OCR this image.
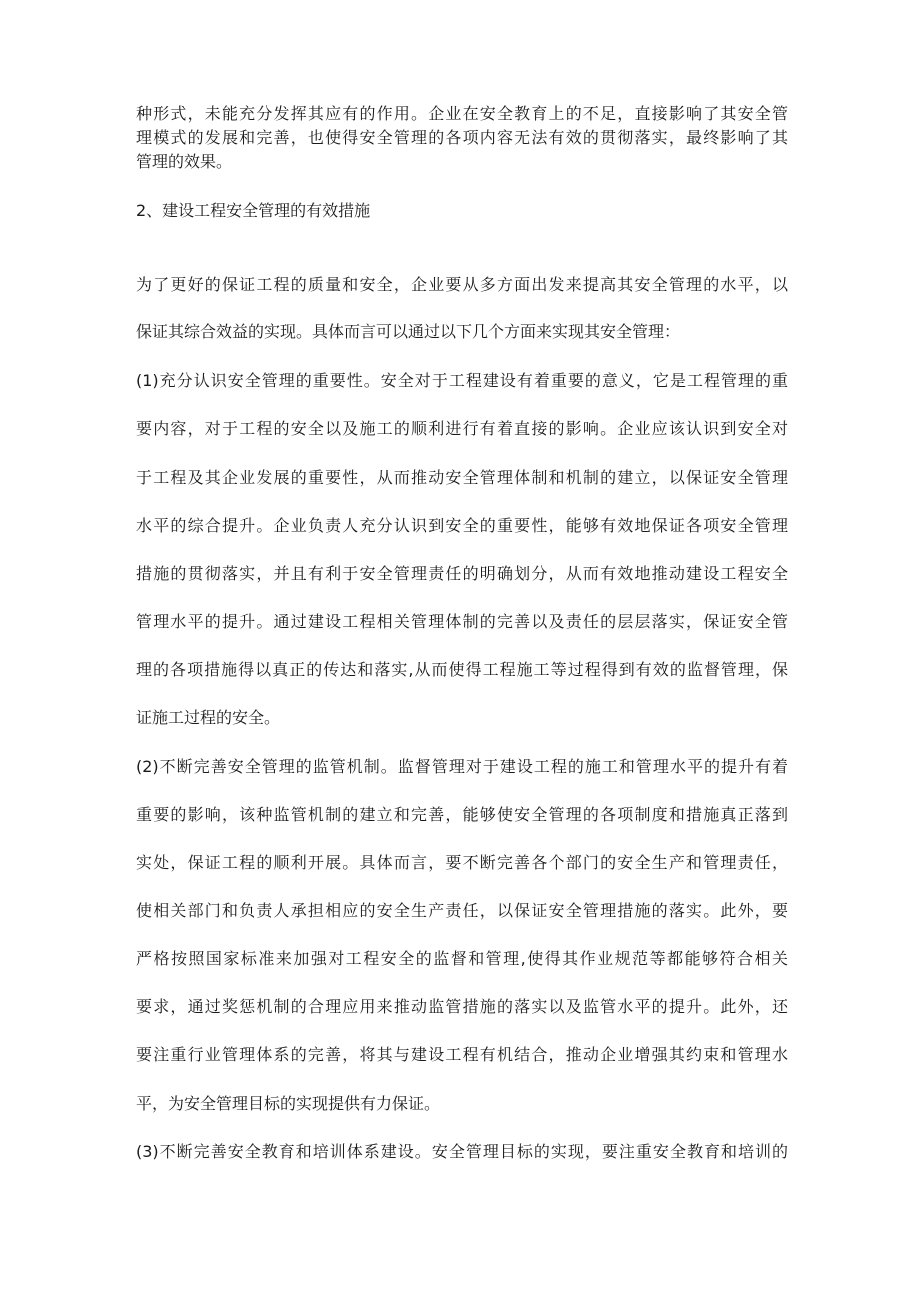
种形式，未能充分发挥其应有的作用。企业在安全教育上的不足，直接影响了其安全管
理模式的发展和完善，也使得安全管理的各项内容无法有效的贯彻落实，最终影响了其
管理的效果。
2、建设工程安全管理的有效措施
为了更好的保证工程的质量和安全，企业要从多方面出发来提高其安全管理的水平，以
保证其综合效益的实现。具体而言可以通过以下几个方面来实现其安全管理：
(1)充分认识安全管理的重要性。安全对于工程建设有着重要的意义，它是工程管理的重
要内容，对于工程的安全以及施工的顺利进行有着直接的影响。企业应该认识到安全对
于工程及其企业发展的重要性，从而推动安全管理体制和机制的建立，以保证安全管理
水平的综合提升。企业负责人充分认识到安全的重要性，能够有效地保证各项安全管理
措施的贯彻落实，并且有利于安全管理责任的明确划分，从而有效地推动建设工程安全
管理水平的提升。通过建设工程相关管理体制的完善以及责任的层层落实，保证安全管
理的各项措施得以真正的传达和落实,从而使得工程施工等过程得到有效的监督管理，保
证施工过程的安全。
(2)不断完善安全管理的监管机制。监督管理对于建设工程的施工和管理水平的提升有着
重要的影响，该种监管机制的建立和完善，能够使安全管理的各项制度和措施真正落到
实处，保证工程的顺利开展。具体而言，要不断完善各个部门的安全生产和管理责任，
使相关部门和负责人承担相应的安全生产责任，以保证安全管理措施的落实。此外，要
严格按照国家标准来加强对工程安全的监督和管理,使得其作业规范等都能够符合相关
要求，通过奖惩机制的合理应用来推动监管措施的落实以及监管水平的提升。此外，还
要注重行业管理体系的完善，将其与建设工程有机结合，推动企业增强其约束和管理水
平，为安全管理目标的实现提供有力保证。
(3)不断完善安全教育和培训体系建设。安全管理目标的实现，要注重安全教育和培训的
